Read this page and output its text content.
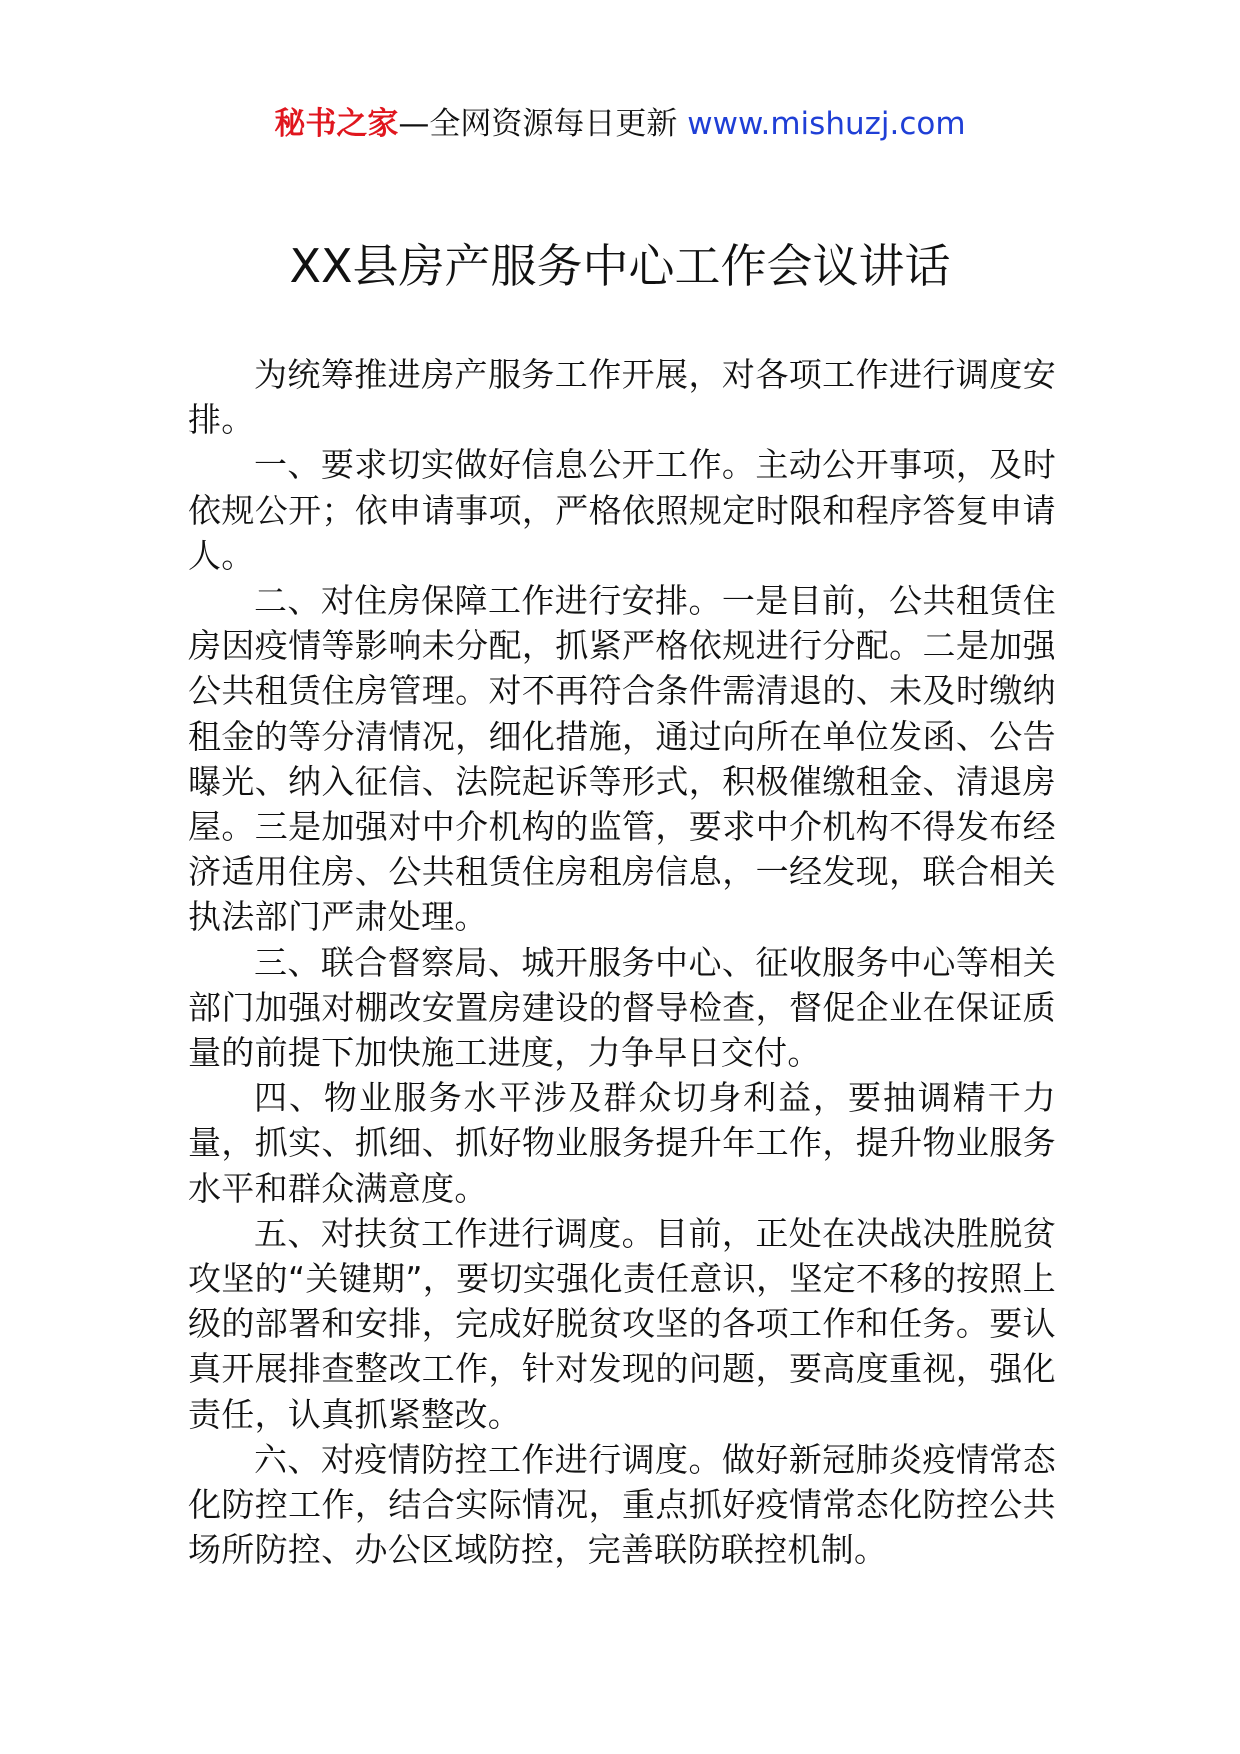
秘书之家—全网资源每日更新 www.mishuzj.com
XX县房产服务中心工作会议讲话

为统筹推进房产服务工作开展，对各项工作进行调度安排。

一、要求切实做好信息公开工作。主动公开事项，及时依规公开；依申请事项，严格依照规定时限和程序答复申请人。

二、对住房保障工作进行安排。一是目前，公共租赁住房因疫情等影响未分配，抓紧严格依规进行分配。二是加强公共租赁住房管理。对不再符合条件需清退的、未及时缴纳租金的等分清情况，细化措施，通过向所在单位发函、公告曝光、纳入征信、法院起诉等形式，积极催缴租金、清退房屋。三是加强对中介机构的监管，要求中介机构不得发布经济适用住房、公共租赁住房租房信息，一经发现，联合相关执法部门严肃处理。

三、联合督察局、城开服务中心、征收服务中心等相关部门加强对棚改安置房建设的督导检查，督促企业在保证质量的前提下加快施工进度，力争早日交付。

四、物业服务水平涉及群众切身利益，要抽调精干力量，抓实、抓细、抓好物业服务提升年工作，提升物业服务水平和群众满意度。

五、对扶贫工作进行调度。目前，正处在决战决胜脱贫攻坚的“关键期”，要切实强化责任意识，坚定不移的按照上级的部署和安排，完成好脱贫攻坚的各项工作和任务。要认真开展排查整改工作，针对发现的问题，要高度重视，强化责任，认真抓紧整改。

六、对疫情防控工作进行调度。做好新冠肺炎疫情常态化防控工作，结合实际情况，重点抓好疫情常态化防控公共场所防控、办公区域防控，完善联防联控机制。
